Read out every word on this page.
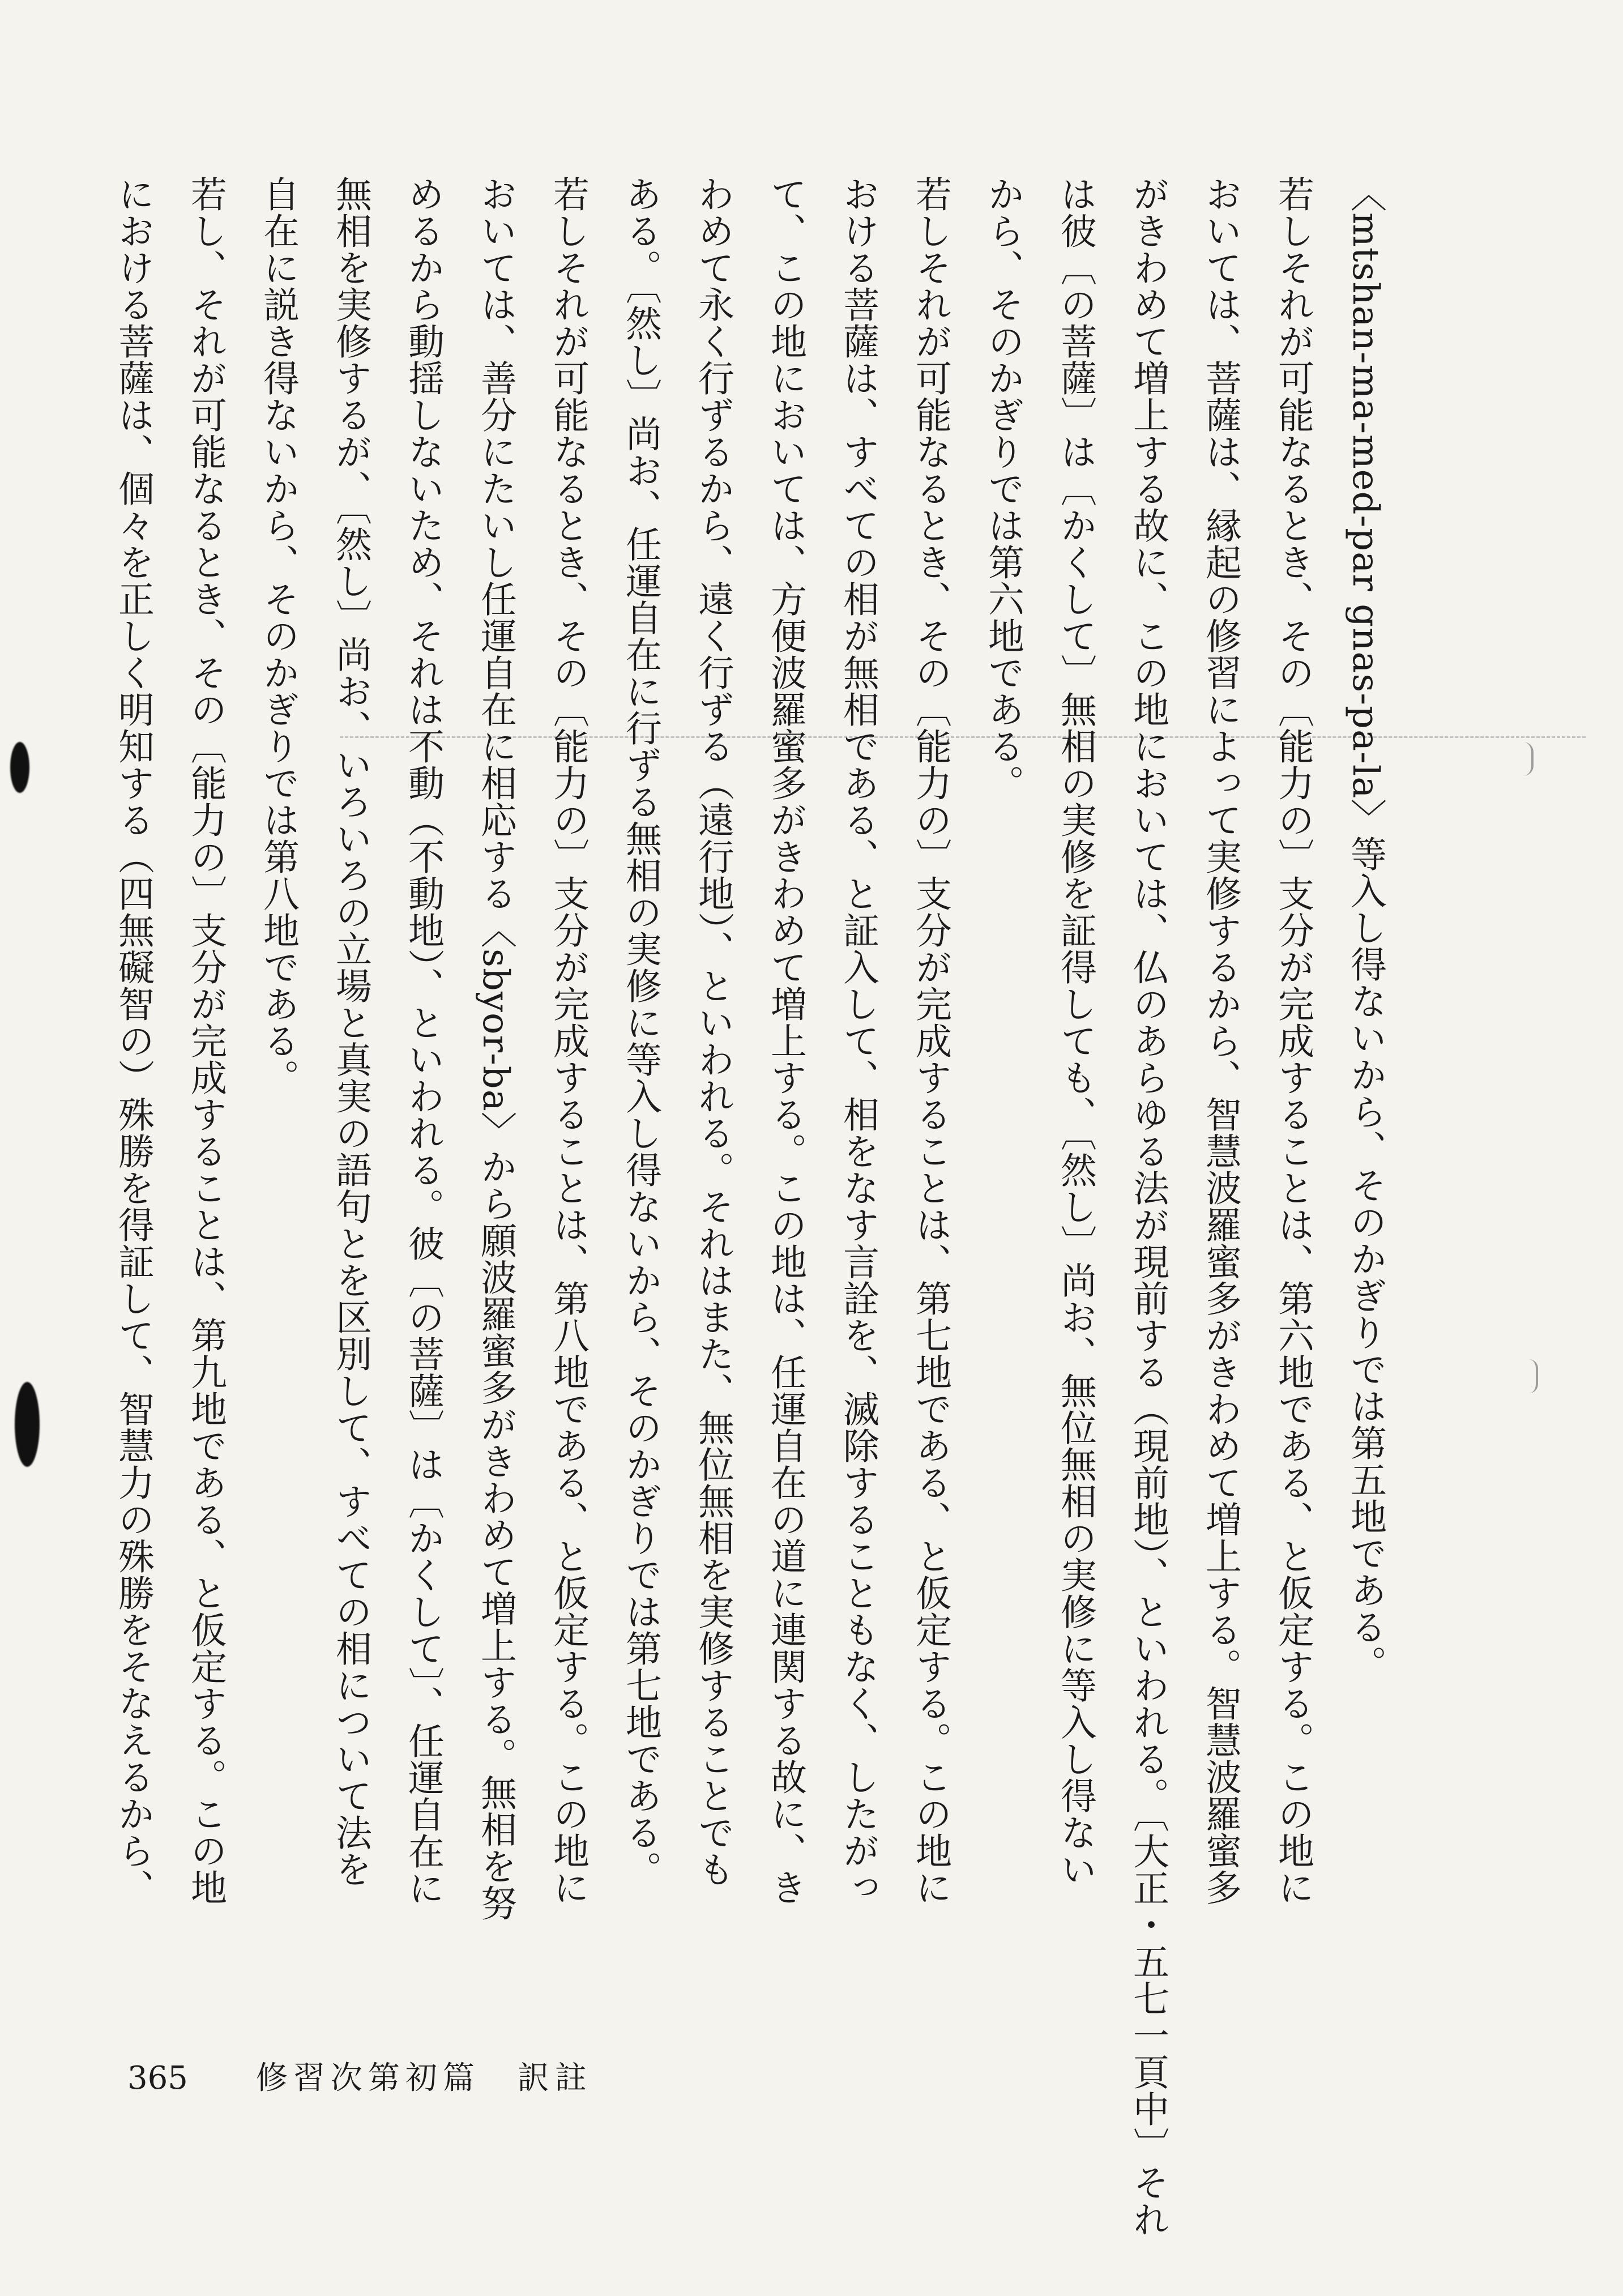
〈mtshan-ma-med-par gnas-pa-la〉等入し得ないから、そのかぎりでは第五地である。

若しそれが可能なるとき、その〔能力の〕支分が完成することは、第六地である、と仮定する。この地に

おいては、菩薩は、縁起の修習によって実修するから、智慧波羅蜜多がきわめて増上する。智慧波羅蜜多

がきわめて増上する故に、この地においては、仏のあらゆる法が現前する（現前地）、といわれる。〔大正・五七一頁中〕それ

は彼〔の菩薩〕は〔かくして〕無相の実修を証得しても、〔然し〕尚お、無位無相の実修に等入し得ない

から、そのかぎりでは第六地である。

若しそれが可能なるとき、その〔能力の〕支分が完成することは、第七地である、と仮定する。この地に

おける菩薩は、すべての相が無相である、と証入して、相をなす言詮を、滅除することもなく、したがっ

て、この地においては、方便波羅蜜多がきわめて増上する。この地は、任運自在の道に連関する故に、き

わめて永く行ずるから、遠く行ずる（遠行地）、といわれる。それはまた、無位無相を実修することでも

ある。〔然し〕尚お、任運自在に行ずる無相の実修に等入し得ないから、そのかぎりでは第七地である。

若しそれが可能なるとき、その〔能力の〕支分が完成することは、第八地である、と仮定する。この地に

おいては、善分にたいし任運自在に相応する〈sbyor-ba〉から願波羅蜜多がきわめて増上する。無相を努

めるから動揺しないため、それは不動（不動地）、といわれる。彼〔の菩薩〕は〔かくして〕、任運自在に

無相を実修するが、〔然し〕尚お、いろいろの立場と真実の語句とを区別して、すべての相について法を

自在に説き得ないから、そのかぎりでは第八地である。

若し、それが可能なるとき、その〔能力の〕支分が完成することは、第九地である、と仮定する。この地

における菩薩は、個々を正しく明知する（四無礙智の）殊勝を得証して、智慧力の殊勝をそなえるから、

365 修習次第初篇　訳註
